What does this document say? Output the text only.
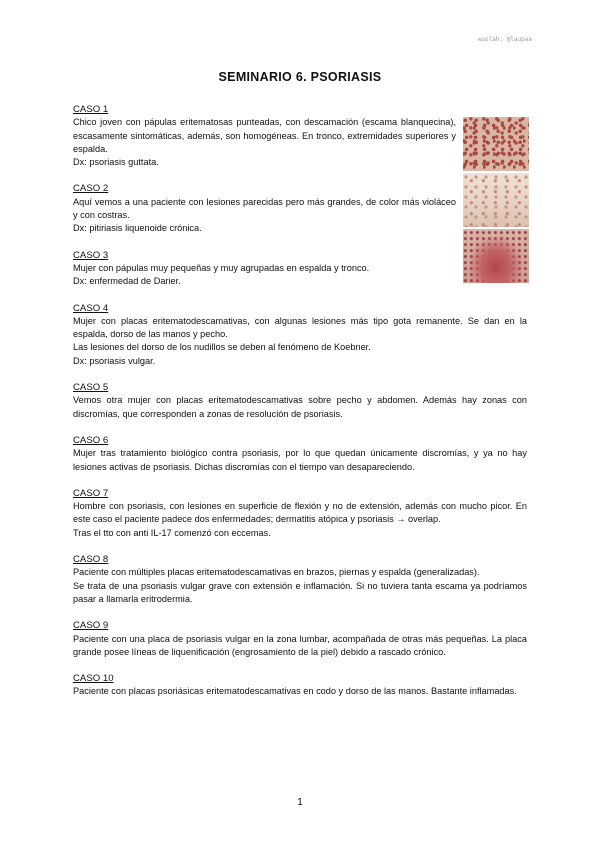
wuolah: @laupaa
SEMINARIO 6. PSORIASIS
CASO 1

Chico joven con pápulas eritematosas punteadas, con descamación (escama blanquecina), escasamente sintomáticas, además, son homogéneas. En tronco, extremidades superiores y espalda.

Dx: psoriasis guttata.

CASO 2

Aquí vemos a una paciente con lesiones parecidas pero más grandes, de color más violáceo y con costras.

Dx: pitiriasis liquenoide crónica.

CASO 3

Mujer con pápulas muy pequeñas y muy agrupadas en espalda y tronco.

Dx: enfermedad de Darier.

CASO 4

Mujer con placas eritematodescamativas, con algunas lesiones más tipo gota remanente. Se dan en la espalda, dorso de las manos y pecho.

Las lesiones del dorso de los nudillos se deben al fenómeno de Koebner.

Dx: psoriasis vulgar.

CASO 5

Vemos otra mujer con placas eritematodescamativas sobre pecho y abdomen. Además hay zonas con discromías, que corresponden a zonas de resolución de psoriasis.

CASO 6

Mujer tras tratamiento biológico contra psoriasis, por lo que quedan únicamente discromías, y ya no hay lesiones activas de psoriasis. Dichas discromías con el tiempo van desapareciendo.

CASO 7

Hombre con psoriasis, con lesiones en superficie de flexión y no de extensión, además con mucho picor. En este caso el paciente padece dos enfermedades; dermatitis atópica y psoriasis → overlap.

Tras el tto con anti IL-17 comenzó con eccemas.

CASO 8

Paciente con múltiples placas eritematodescamativas en brazos, piernas y espalda (generalizadas).

Se trata de una psoriasis vulgar grave con extensión e inflamación. Si no tuviera tanta escama ya podríamos pasar a llamarla eritrodermia.

CASO 9

Paciente con una placa de psoriasis vulgar en la zona lumbar, acompañada de otras más pequeñas. La placa grande posee líneas de liquenificación (engrosamiento de la piel) debido a rascado crónico.

CASO 10

Paciente con placas psoriásicas eritematodescamativas en codo y dorso de las manos. Bastante inflamadas.

1
